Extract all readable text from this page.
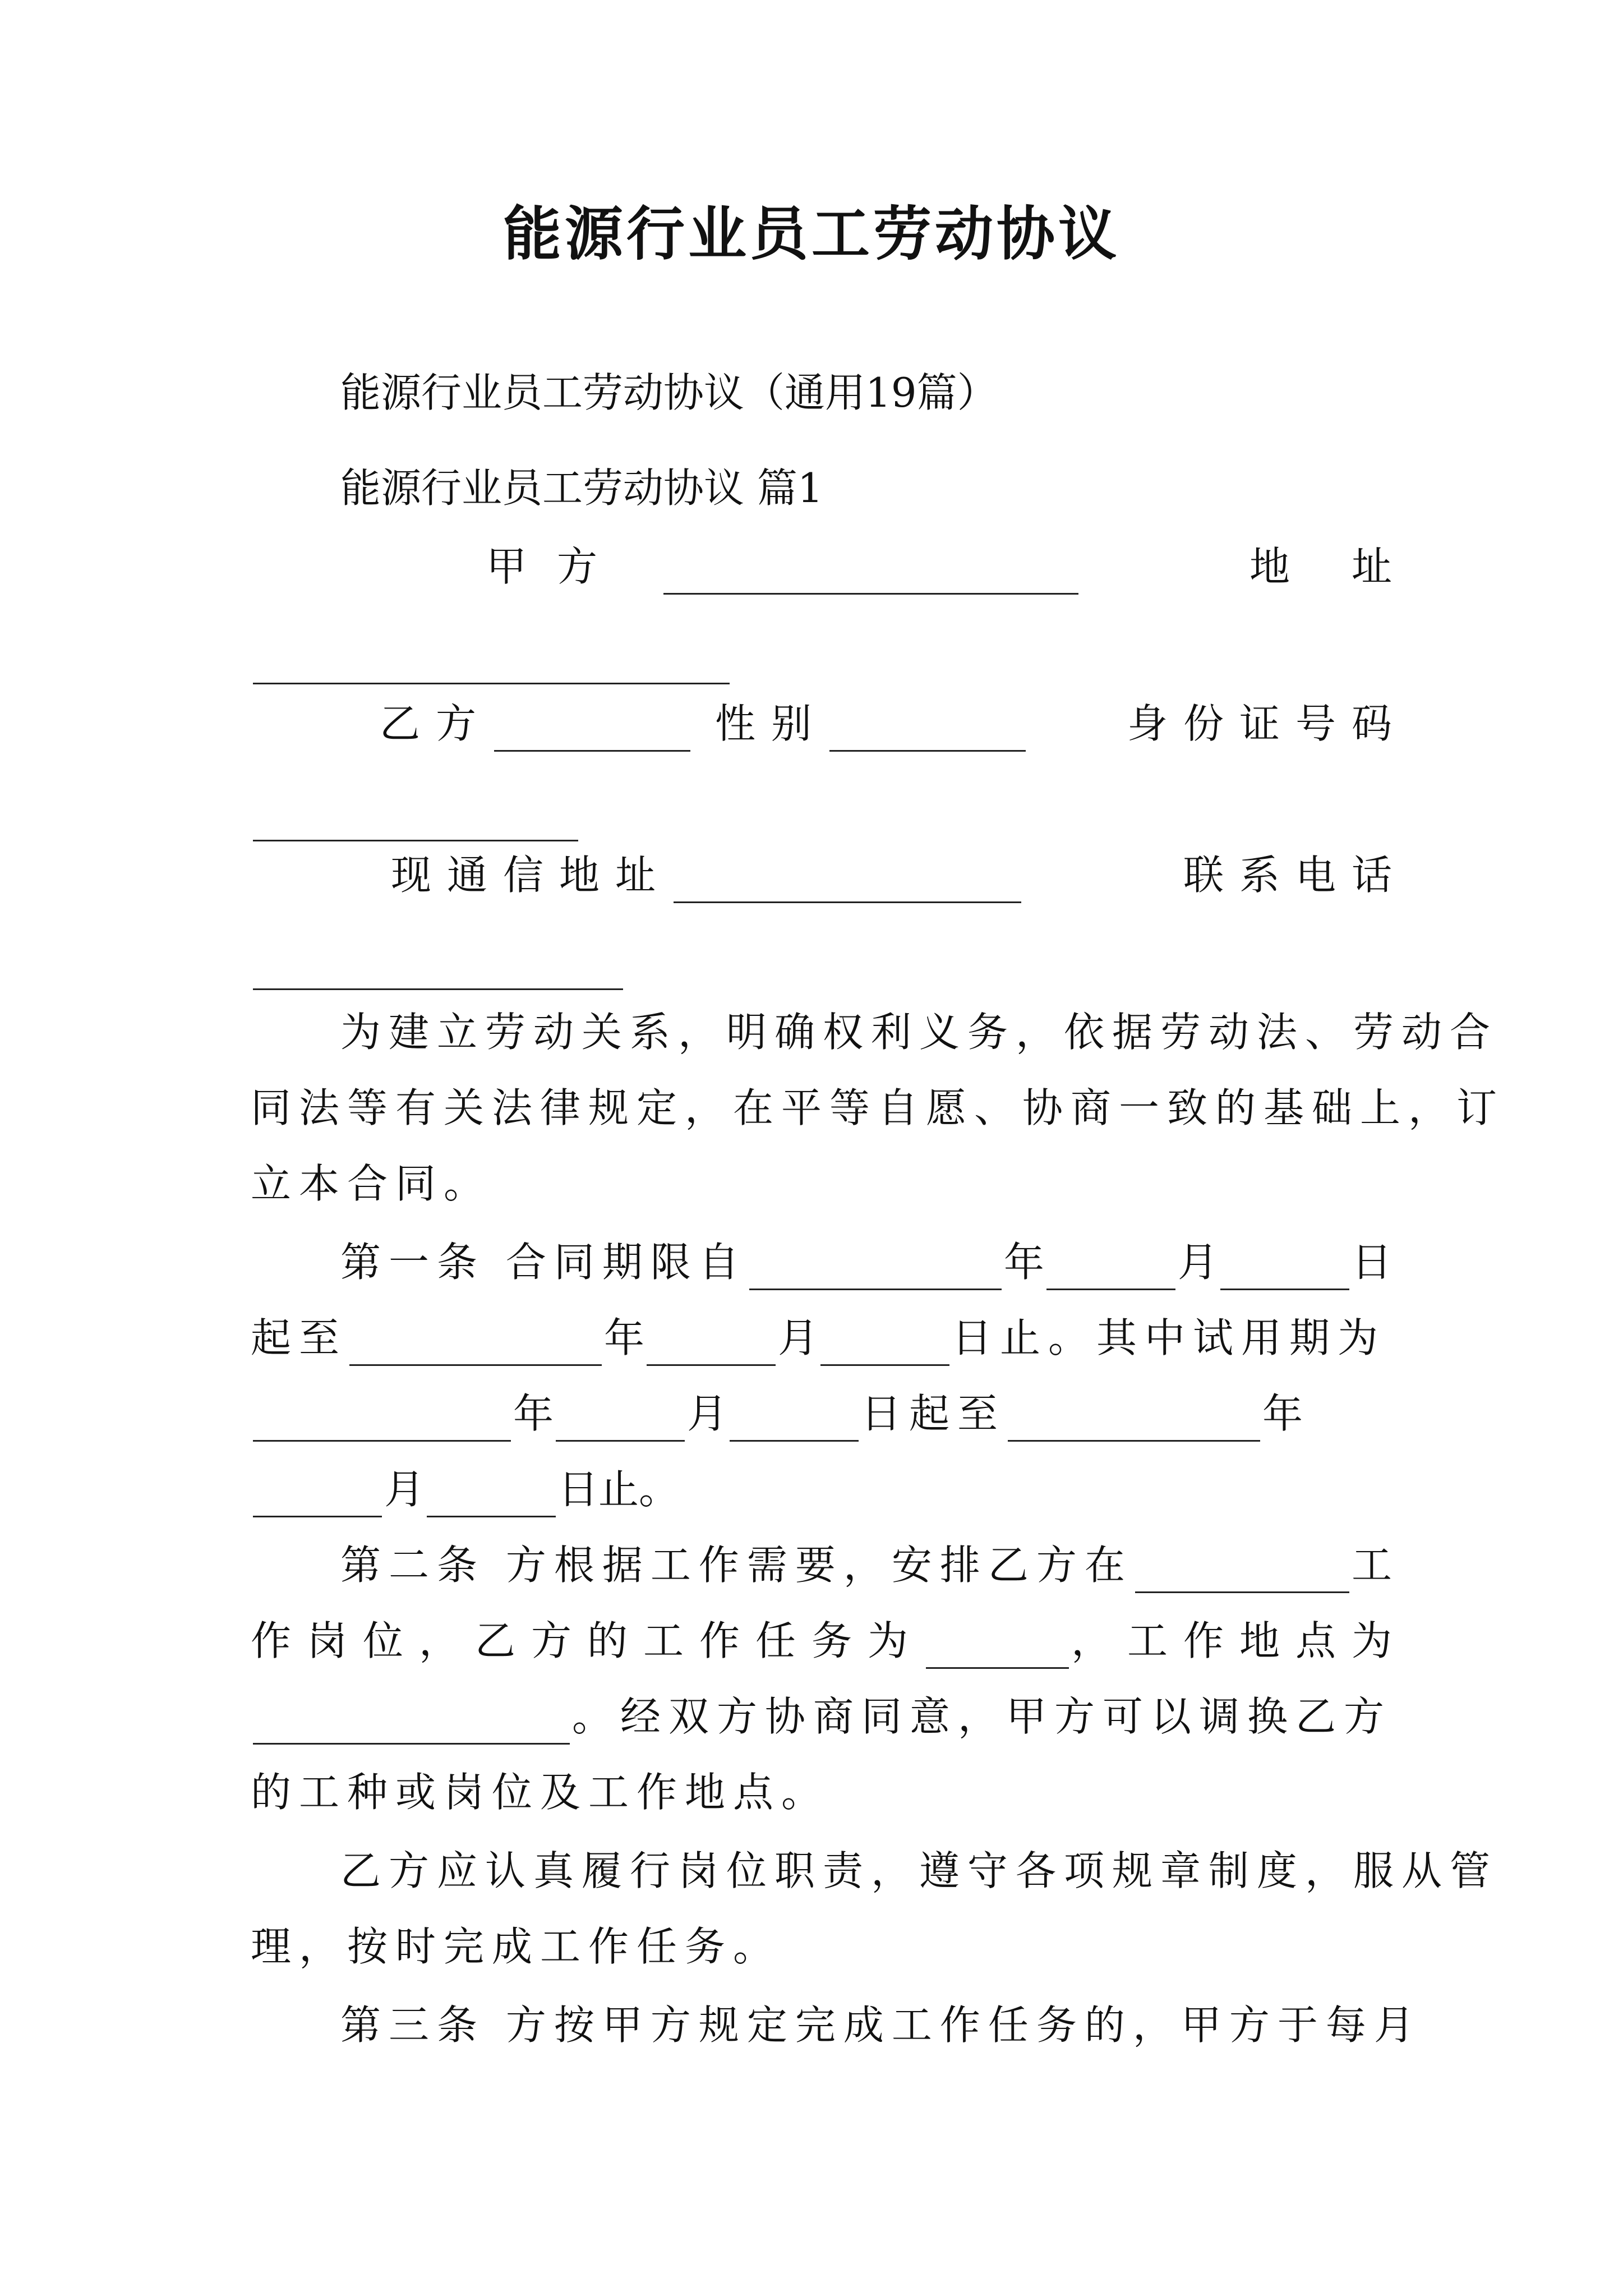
能源行业员工劳动协议
能源行业员工劳动协议（通用19篇）
能源行业员工劳动协议 篇1
甲方	地址
乙方	性别	身份证号码
现通信地址	联系电话
为建立劳动关系，明确权利义务，依据劳动法、劳动合
同法等有关法律规定，在平等自愿、协商一致的基础上，订
立本合同。
第一条 合同期限自	年	月	日
起至	年	月	日止。其中试用期为
年	月	日起至	年
月	日止。
第二条 方根据工作需要，安排乙方在	工
作岗位，乙方的工作任务为	，工作地点为
。经双方协商同意，甲方可以调换乙方
的工种或岗位及工作地点。
乙方应认真履行岗位职责，遵守各项规章制度，服从管
理，按时完成工作任务。
第三条 方按甲方规定完成工作任务的，甲方于每月
